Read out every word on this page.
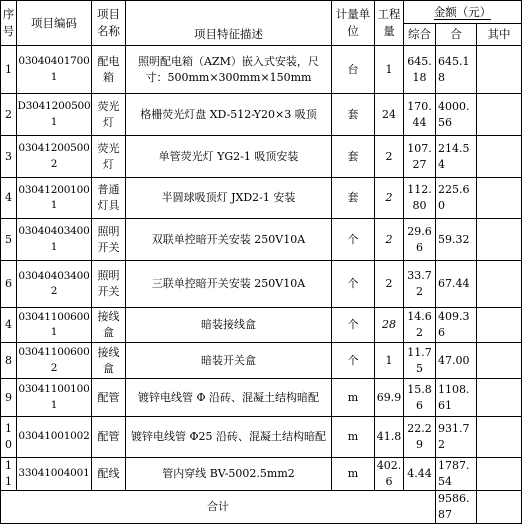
序号	项目编码	项目名称	项目特征描述	计量单位	工程量	金额（元）		
						综合	合	其中
1	030404017001	配电箱	照明配电箱（AZM）嵌入式安装，尺寸：500mm×300mm×150mm	台	1	645.18	645.18	
2	D30412005001	荧光灯	格栅荧光灯盘 XD-512-Y20×3 吸顶	套	24	170.44	4000.56	
3	030412005002	荧光灯	单管荧光灯 YG2-1 吸顶安装	套	2	107.27	214.54	
4	030412001001	普通灯具	半圆球吸顶灯 JXD2-1 安装	套	2	112.80	225.60	
5	030404034001	照明开关	双联单控暗开关安装 250V10A	个	2	29.66	59.32	
6	030404034002	照明开关	三联单控暗开关安装 250V10A	个	2	33.72	67.44	
4	030411006001	接线盒	暗装接线盒	个	28	14.62	409.36	
8	030411006002	接线盒	暗装开关盒	个	1	11.75	47.00	
9	030411001001	配管	镀锌电线管 Φ 沿砖、混凝土结构暗配	m	69.9	15.86	1108.61	
10	03041001002	配管	镀锌电线管 Φ25 沿砖、混凝土结构暗配	m	41.8	22.29	931.72	
11	33041004001	配线	管内穿线 BV-5002.5mm2	m	402.6	4.44	1787.54	
合计							9586.87	
